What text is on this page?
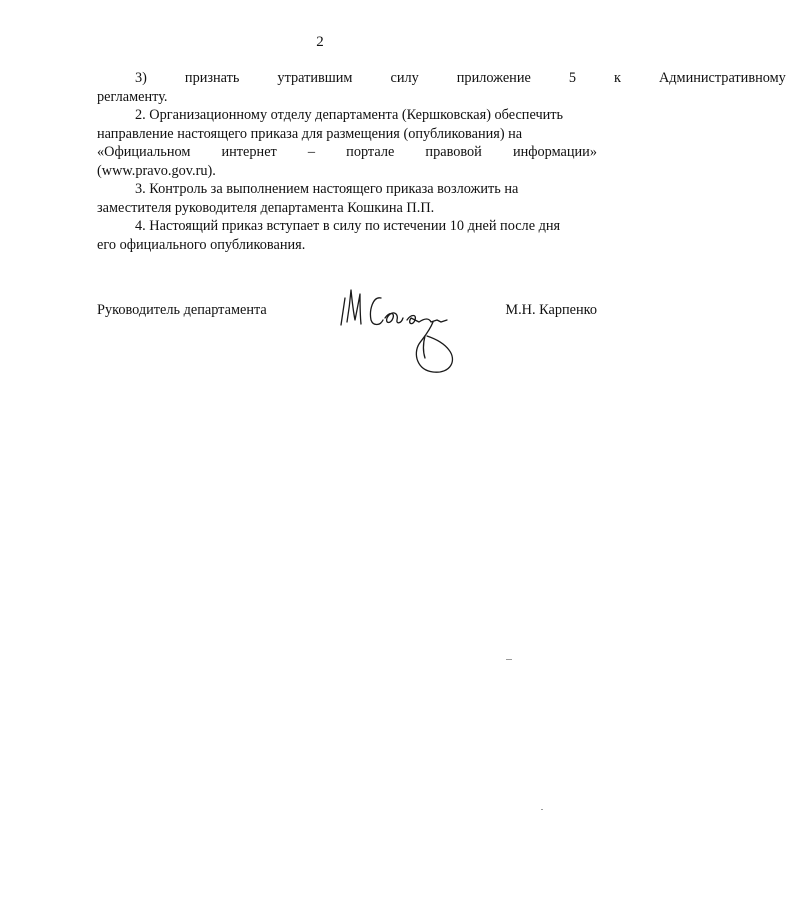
2

3)	признать	утратившим	силу	приложение	5	к	Административному

регламенту.

2. Организационному отделу департамента (Кершковская) обеспечить

направление настоящего приказа для размещения (опубликования) на

«Официальном интернет – портале правовой информации»

(www.pravo.gov.ru).

3. Контроль за выполнением настоящего приказа возложить на

заместителя руководителя департамента Кошкина П.П.

4. Настоящий приказ вступает в силу по истечении 10 дней после дня

его официального опубликования.

Руководитель департамента	М.Н. Карпенко
